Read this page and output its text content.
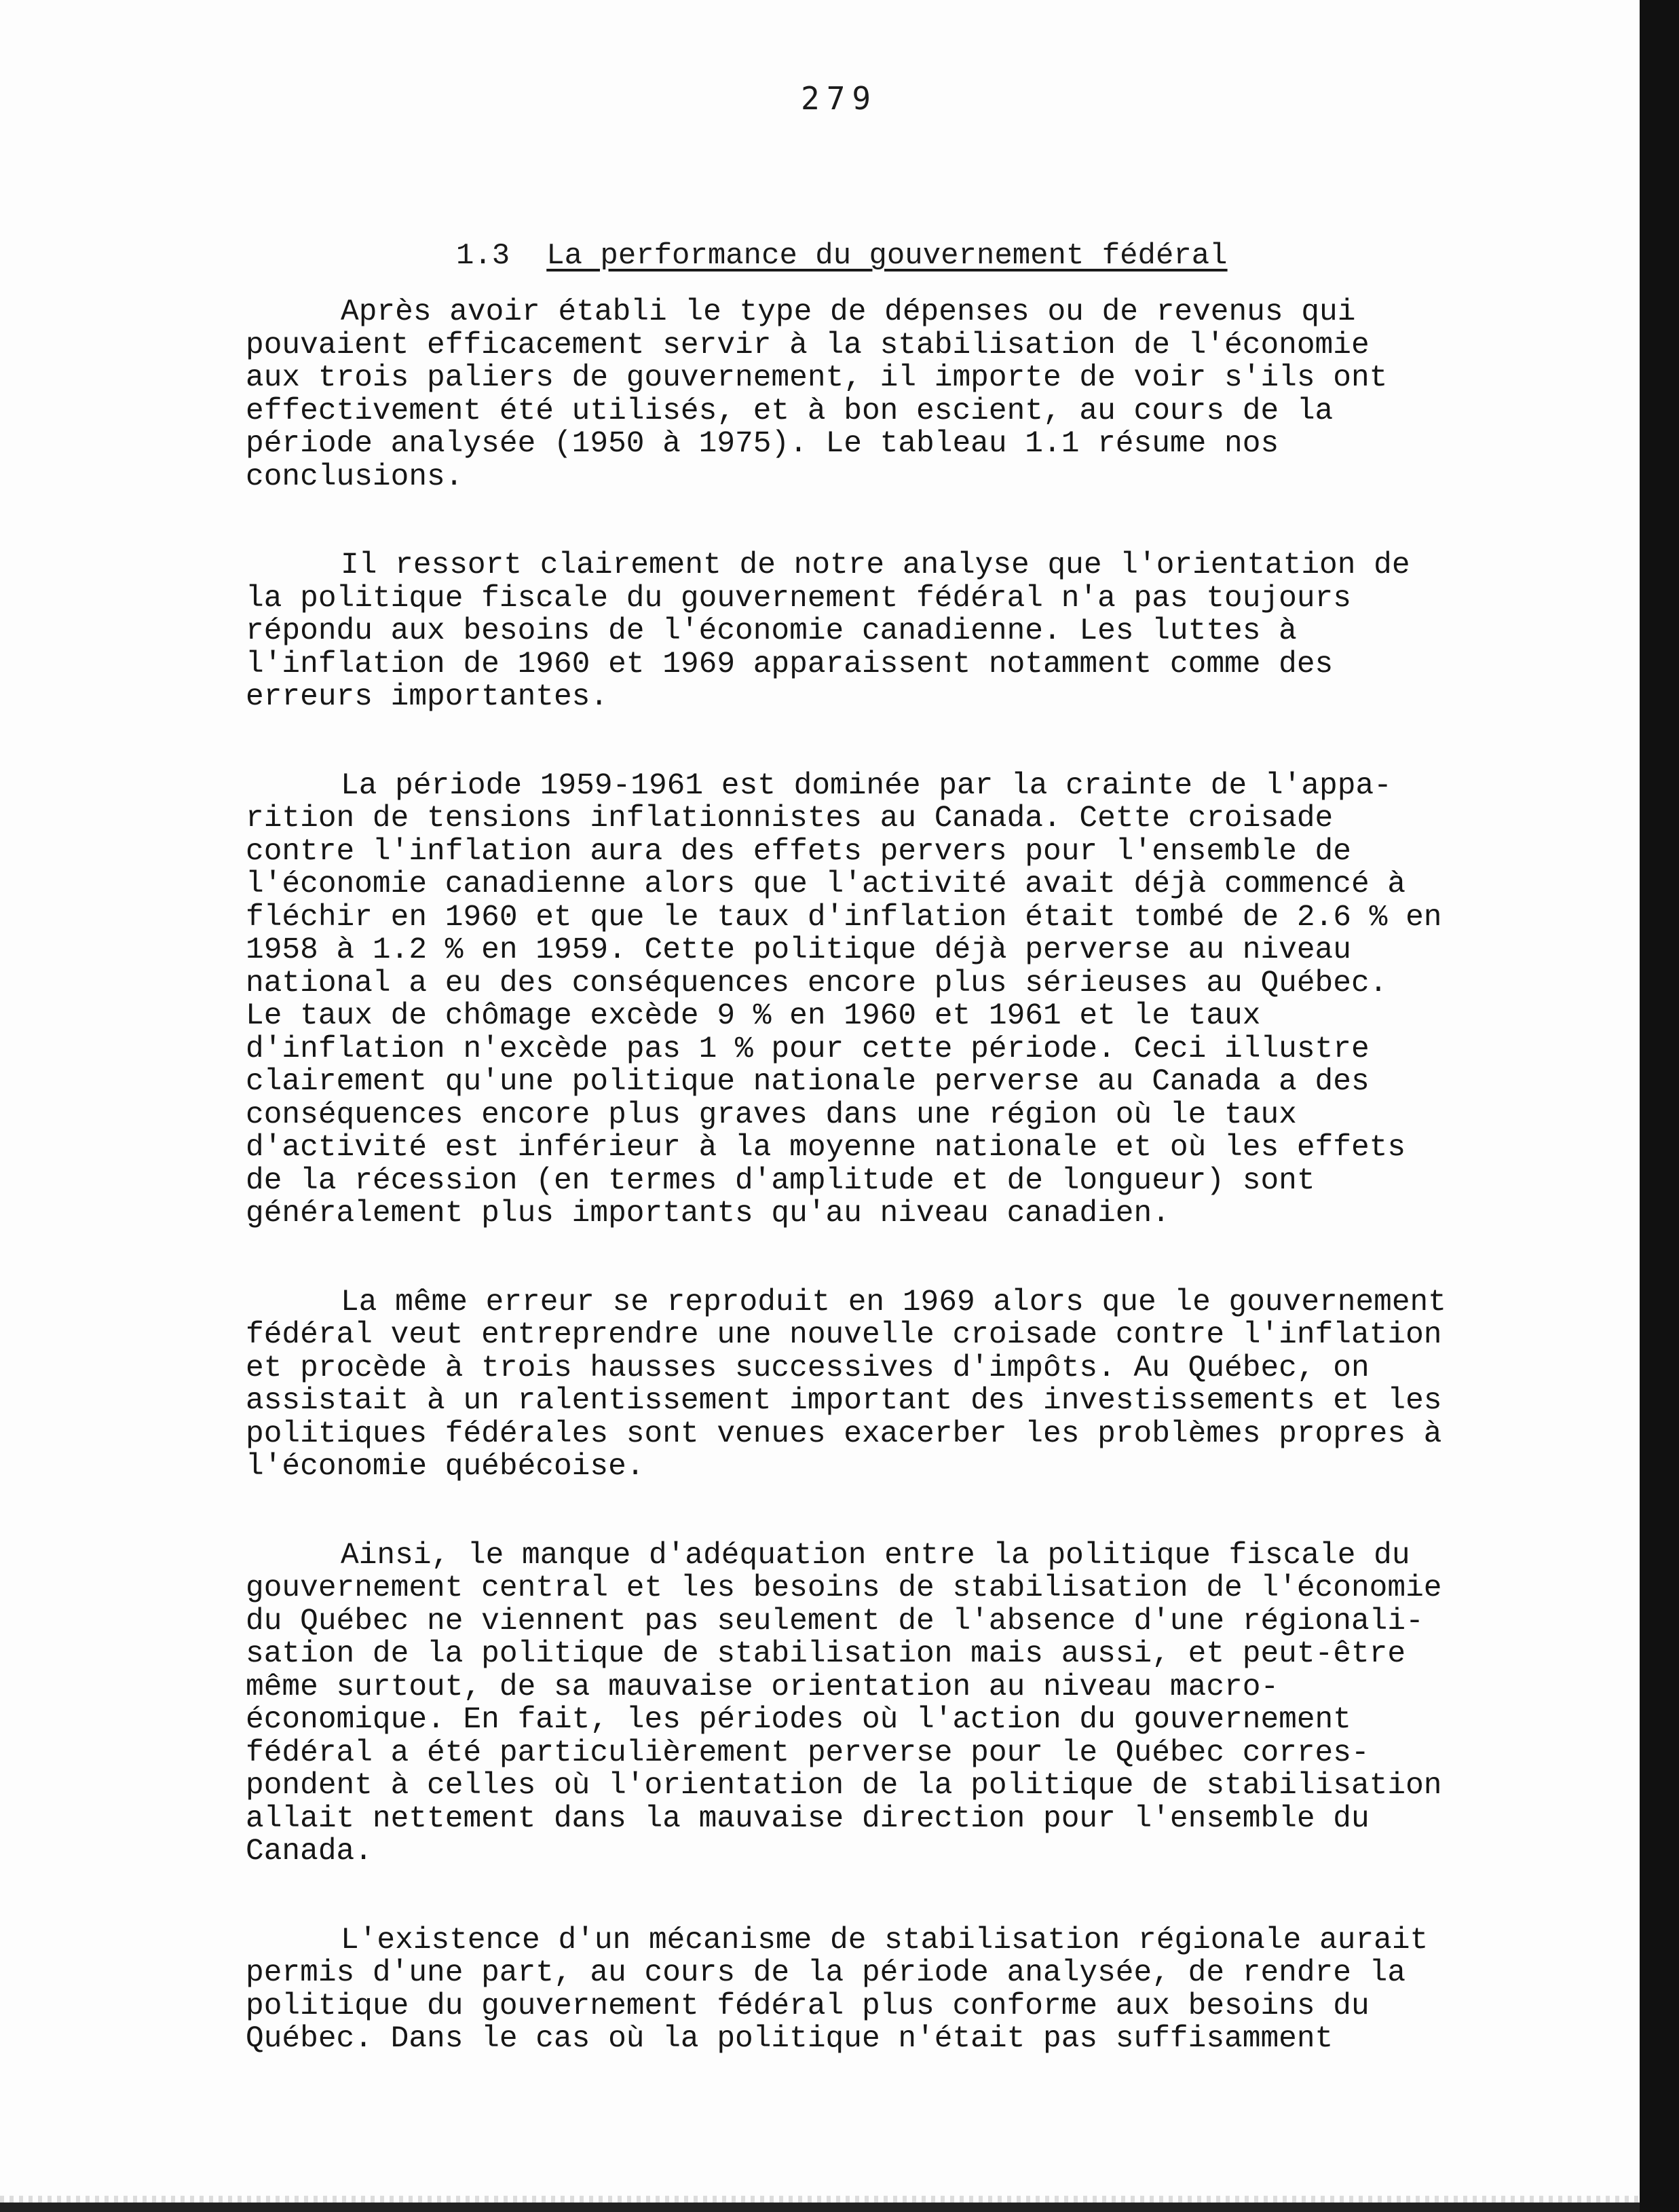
279
1.3 La performance du gouvernement fédéral

Après avoir établi le type de dépenses ou de revenus qui
pouvaient efficacement servir à la stabilisation de l'économie
aux trois paliers de gouvernement, il importe de voir s'ils ont
effectivement été utilisés, et à bon escient, au cours de la
période analysée (1950 à 1975). Le tableau 1.1 résume nos
conclusions.

Il ressort clairement de notre analyse que l'orientation de
la politique fiscale du gouvernement fédéral n'a pas toujours
répondu aux besoins de l'économie canadienne. Les luttes à
l'inflation de 1960 et 1969 apparaissent notamment comme des
erreurs importantes.

La période 1959-1961 est dominée par la crainte de l'appa-
rition de tensions inflationnistes au Canada. Cette croisade
contre l'inflation aura des effets pervers pour l'ensemble de
l'économie canadienne alors que l'activité avait déjà commencé à
fléchir en 1960 et que le taux d'inflation était tombé de 2.6 % en
1958 à 1.2 % en 1959. Cette politique déjà perverse au niveau
national a eu des conséquences encore plus sérieuses au Québec.
Le taux de chômage excède 9 % en 1960 et 1961 et le taux
d'inflation n'excède pas 1 % pour cette période. Ceci illustre
clairement qu'une politique nationale perverse au Canada a des
conséquences encore plus graves dans une région où le taux
d'activité est inférieur à la moyenne nationale et où les effets
de la récession (en termes d'amplitude et de longueur) sont
généralement plus importants qu'au niveau canadien.

La même erreur se reproduit en 1969 alors que le gouvernement
fédéral veut entreprendre une nouvelle croisade contre l'inflation
et procède à trois hausses successives d'impôts. Au Québec, on
assistait à un ralentissement important des investissements et les
politiques fédérales sont venues exacerber les problèmes propres à
l'économie québécoise.

Ainsi, le manque d'adéquation entre la politique fiscale du
gouvernement central et les besoins de stabilisation de l'économie
du Québec ne viennent pas seulement de l'absence d'une régionali-
sation de la politique de stabilisation mais aussi, et peut-être
même surtout, de sa mauvaise orientation au niveau macro-
économique. En fait, les périodes où l'action du gouvernement
fédéral a été particulièrement perverse pour le Québec corres-
pondent à celles où l'orientation de la politique de stabilisation
allait nettement dans la mauvaise direction pour l'ensemble du
Canada.

L'existence d'un mécanisme de stabilisation régionale aurait
permis d'une part, au cours de la période analysée, de rendre la
politique du gouvernement fédéral plus conforme aux besoins du
Québec. Dans le cas où la politique n'était pas suffisamment
